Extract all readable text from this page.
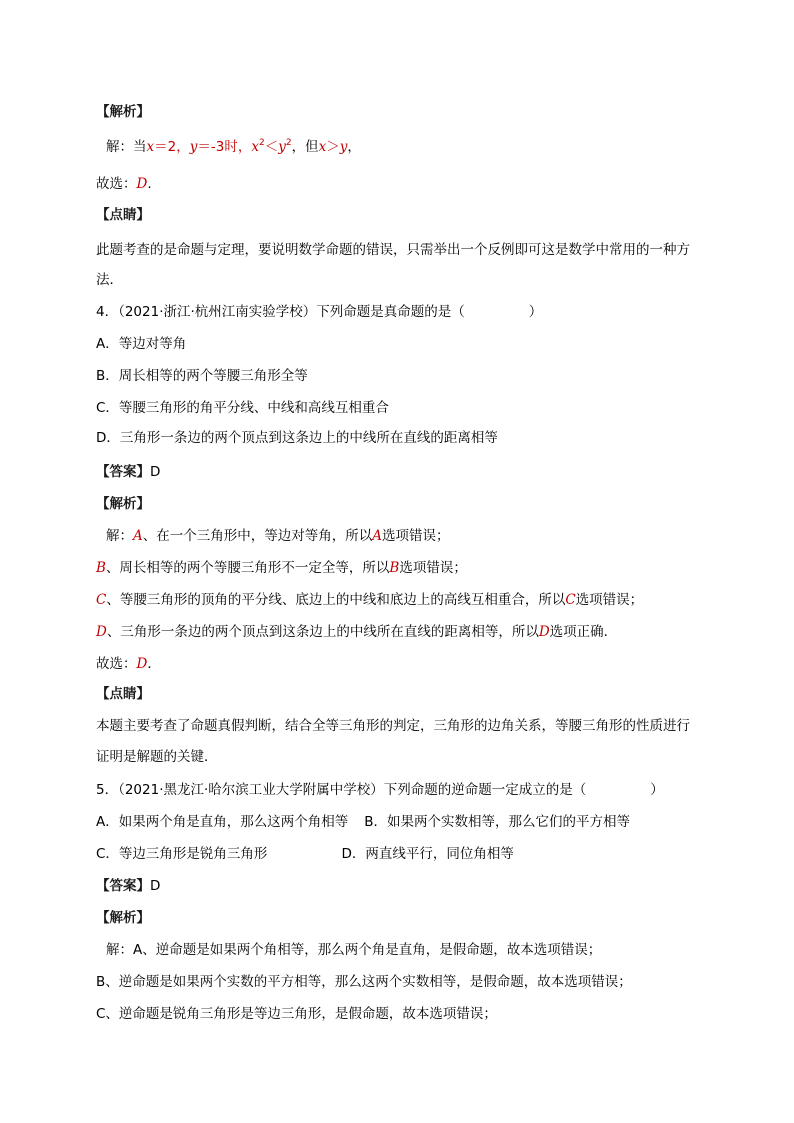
【解析】
解：当x＝2，y＝-3时，$x^2<y^2$，但x＞y，
故选：D.
【点睛】
此题考查的是命题与定理，要说明数学命题的错误，只需举出一个反例即可这是数学中常用的一种方
法．
4．（2021·浙江·杭州江南实验学校）下列命题是真命题的是（	）
A．等边对等角
B．周长相等的两个等腰三角形全等
C．等腰三角形的角平分线、中线和高线互相重合
D．三角形一条边的两个顶点到这条边上的中线所在直线的距离相等
【答案】D
【解析】
解：A、在一个三角形中，等边对等角，所以A选项错误；
B、周长相等的两个等腰三角形不一定全等，所以B选项错误；
C、等腰三角形的顶角的平分线、底边上的中线和底边上的高线互相重合，所以C选项错误；
D、三角形一条边的两个顶点到这条边上的中线所在直线的距离相等，所以D选项正确．
故选：D．
【点睛】
本题主要考查了命题真假判断，结合全等三角形的判定，三角形的边角关系，等腰三角形的性质进行
证明是解题的关键．
5．（2021·黑龙江·哈尔滨工业大学附属中学校）下列命题的逆命题一定成立的是（	）
A．如果两个角是直角，那么这两个角相等 B．如果两个实数相等，那么它们的平方相等
C．等边三角形是锐角三角形	D．两直线平行，同位角相等
【答案】D
【解析】
解：A、逆命题是如果两个角相等，那么两个角是直角，是假命题，故本选项错误；
B、逆命题是如果两个实数的平方相等，那么这两个实数相等，是假命题，故本选项错误；
C、逆命题是锐角三角形是等边三角形，是假命题，故本选项错误；
